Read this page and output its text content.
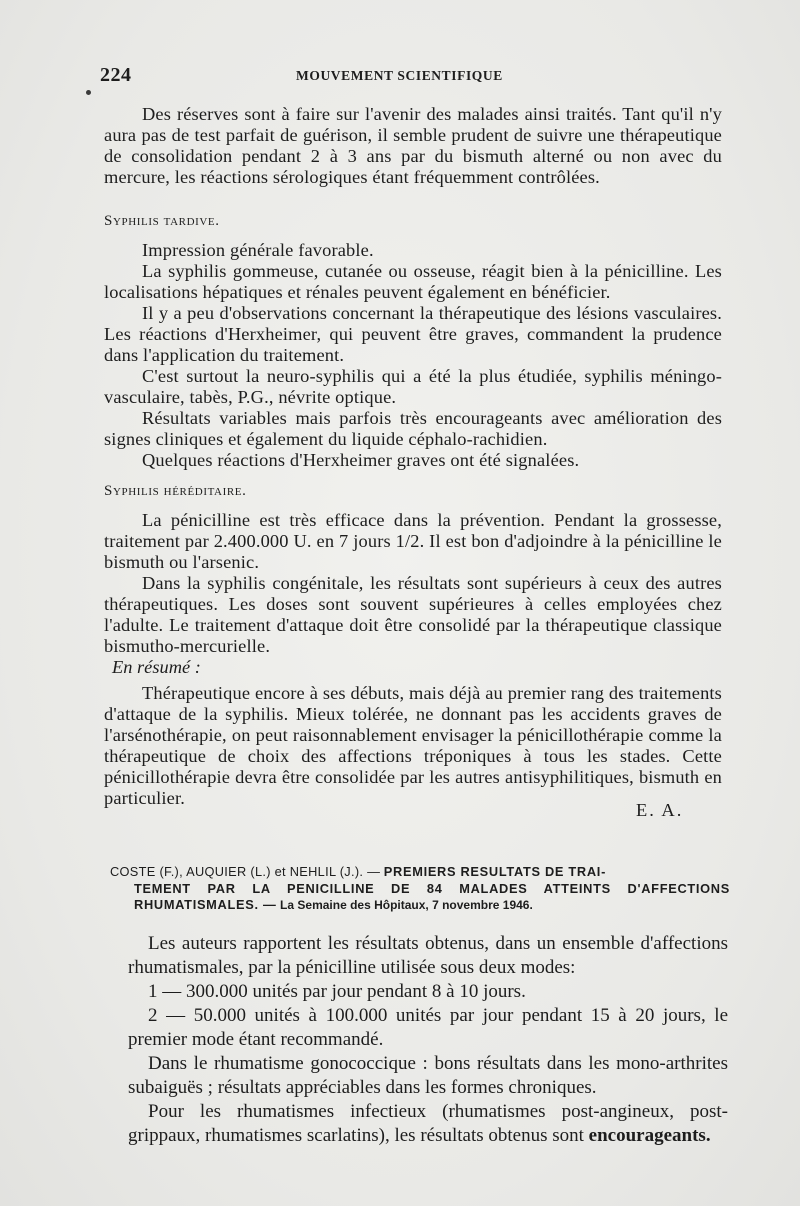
224	MOUVEMENT SCIENTIFIQUE

Des réserves sont à faire sur l'avenir des malades ainsi traités. Tant qu'il n'y aura pas de test parfait de guérison, il semble prudent de suivre une thérapeutique de consolidation pendant 2 à 3 ans par du bismuth alterné ou non avec du mercure, les réactions sérologiques étant fréquemment contrôlées.

Syphilis tardive.

Impression générale favorable.

La syphilis gommeuse, cutanée ou osseuse, réagit bien à la pénicilline. Les localisations hépatiques et rénales peuvent également en bénéficier.

Il y a peu d'observations concernant la thérapeutique des lésions vasculaires. Les réactions d'Herxheimer, qui peuvent être graves, commandent la prudence dans l'application du traitement.

C'est surtout la neuro-syphilis qui a été la plus étudiée, syphilis méningo-vasculaire, tabès, P.G., névrite optique.

Résultats variables mais parfois très encourageants avec amélioration des signes cliniques et également du liquide céphalo-rachidien.

Quelques réactions d'Herxheimer graves ont été signalées.

Syphilis héréditaire.

La pénicilline est très efficace dans la prévention. Pendant la grossesse, traitement par 2.400.000 U. en 7 jours 1/2. Il est bon d'adjoindre à la pénicilline le bismuth ou l'arsenic.

Dans la syphilis congénitale, les résultats sont supérieurs à ceux des autres thérapeutiques. Les doses sont souvent supérieures à celles employées chez l'adulte. Le traitement d'attaque doit être consolidé par la thérapeutique classique bismutho-mercurielle.

En résumé :

Thérapeutique encore à ses débuts, mais déjà au premier rang des traitements d'attaque de la syphilis. Mieux tolérée, ne donnant pas les accidents graves de l'arsénothérapie, on peut raisonnablement envisager la pénicillothérapie comme la thérapeutique de choix des affections tréponiques à tous les stades. Cette pénicillothérapie devra être consolidée par les autres antisyphilitiques, bismuth en particulier.

E. A.
COSTE (F.), AUQUIER (L.) et NEHLIL (J.). — PREMIERS RESULTATS DE TRAI-
TEMENT PAR LA PENICILLINE DE 84 MALADES ATTEINTS D'AFFECTIONS RHUMATISMALES. — La Semaine des Hôpitaux, 7 novembre 1946.

Les auteurs rapportent les résultats obtenus, dans un ensemble d'affections rhumatismales, par la pénicilline utilisée sous deux modes:

1 — 300.000 unités par jour pendant 8 à 10 jours.

2 — 50.000 unités à 100.000 unités par jour pendant 15 à 20 jours, le premier mode étant recommandé.

Dans le rhumatisme gonococcique : bons résultats dans les mono-arthrites subaiguës ; résultats appréciables dans les formes chroniques.

Pour les rhumatismes infectieux (rhumatismes post-angineux, post-grippaux, rhumatismes scarlatins), les résultats obtenus sont encourageants.
